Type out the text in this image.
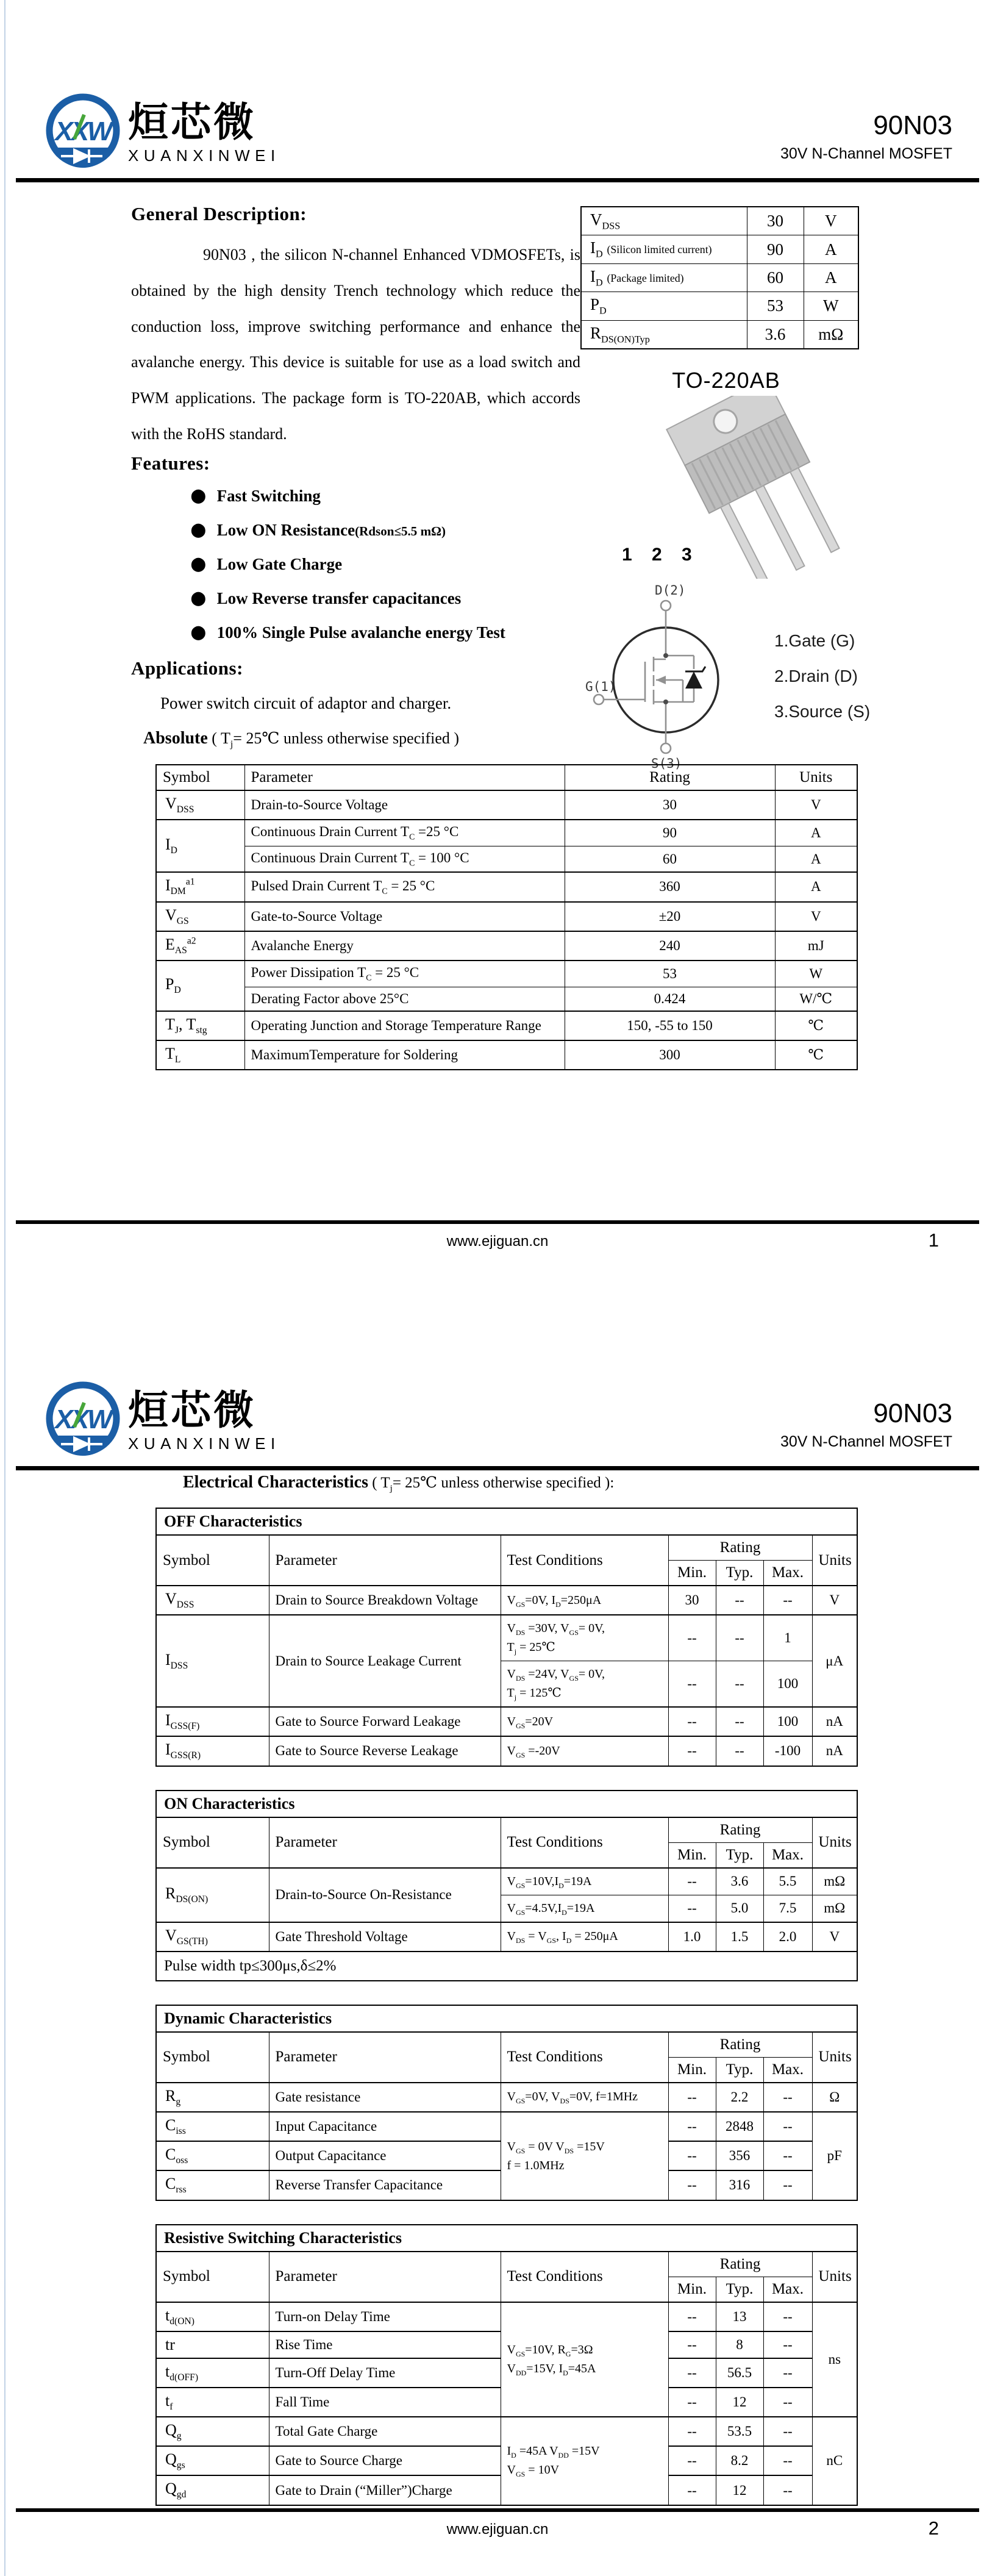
XXW 烜芯微
XUANXINWEI
90N03
30V N-Channel MOSFET
General Description:
90N03 , the silicon N-channel Enhanced VDMOSFETs, is obtained by the high density Trench technology which reduce the conduction loss, improve switching performance and enhance the avalanche energy. This device is suitable for use as a load switch and PWM applications. The package form is TO-220AB, which accords with the RoHS standard.
Features:
⬤ Fast Switching
⬤ Low ON Resistance(Rdson≤5.5 mΩ)
⬤ Low Gate Charge
⬤ Low Reverse transfer capacitances
⬤ 100% Single Pulse avalanche energy Test
Applications:
Power switch circuit of adaptor and charger.
Absolute ( $T_j=$ 25℃ unless otherwise specified )
$V_{DSS}$	30	V
$I_D$ (Silicon limited current)	90	A
$I_D$ (Package limited)	60	A
$P_D$	53	W
$R_{DS(ON)Typ}$	3.6	mΩ
TO-220AB
1 2 3
D(2)
G(1)
S(3)
1.Gate (G)
2.Drain (D)
3.Source (S)
Symbol	Parameter	Rating	Units
$V_{DSS}$	Drain-to-Source Voltage	30	V
$I_D$	Continuous Drain Current $T_C =25$ °C	90	A
	Continuous Drain Current $T_C = 100$ °C	60	A
$I_{DM}^{a1}$	Pulsed Drain Current $T_C = 25$ °C	360	A
$V_{GS}$	Gate-to-Source Voltage	±20	V
$E_{AS}^{a2}$	Avalanche Energy	240	mJ
$P_D$	Power Dissipation $T_C = 25$ °C	53	W
	Derating Factor above 25°C	0.424	W/℃
$T_J$, $T_{stg}$	Operating Junction and Storage Temperature Range	150, -55 to 150	℃
$T_L$	MaximumTemperature for Soldering	300	℃
www.ejiguan.cn	1
XXW 烜芯微
XUANXINWEI
90N03
30V N-Channel MOSFET
Electrical Characteristics ( $T_j=$ 25℃ unless otherwise specified ):
OFF Characteristics						
Symbol	Parameter	Test Conditions	Rating			Units
			Min.	Typ.	Max.	
$V_{DSS}$	Drain to Source Breakdown Voltage	$V_{GS}=0V$, $I_D=250\mu A$	30	--	--	V
$I_{DSS}$	Drain to Source Leakage Current	$V_{DS} =30V$, $V_{GS}= 0V$,
$T_j$ = 25℃	--	--	1	μA
		$V_{DS} =24V$, $V_{GS}= 0V$,
$T_j$ = 125℃	--	--	100	
$I_{GSS(F)}$	Gate to Source Forward Leakage	$V_{GS}=20V$	--	--	100	nA
$I_{GSS(R)}$	Gate to Source Reverse Leakage	$V_{GS} =-20V$	--	--	-100	nA
ON Characteristics						
Symbol	Parameter	Test Conditions	Rating			Units
			Min.	Typ.	Max.	
$R_{DS(ON)}$	Drain-to-Source On-Resistance	$V_{GS}=10V,I_D=19A$	--	3.6	5.5	mΩ
		$V_{GS}=4.5V,I_D=19A$	--	5.0	7.5	mΩ
$V_{GS(TH)}$	Gate Threshold Voltage	$V_{DS} = V_{GS}$, $I_D = 250\mu A$	1.0	1.5	2.0	V
Pulse width tp≤300μs,δ≤2%						
Dynamic Characteristics						
Symbol	Parameter	Test Conditions	Rating			Units
			Min.	Typ.	Max.	
$R_g$	Gate resistance	$V_{GS}=0V$, $V_{DS}=0V$, f=1MHz	--	2.2	--	Ω
$C_{iss}$	Input Capacitance	$V_{GS} = 0V$ $V_{DS} =15V$
f = 1.0MHz	--	2848	--	pF
$C_{oss}$	Output Capacitance		--	356	--	
$C_{rss}$	Reverse Transfer Capacitance		--	316	--	
Resistive Switching Characteristics						
Symbol	Parameter	Test Conditions	Rating			Units
			Min.	Typ.	Max.	
$t_{d(ON)}$	Turn-on Delay Time	$V_{GS}=10V$, $R_G=3\Omega$
$V_{DD}=15V$, $I_D=45A$	--	13	--	ns
tr	Rise Time		--	8	--	
$t_{d(OFF)}$	Turn-Off Delay Time		--	56.5	--	
$t_f$	Fall Time		--	12	--	
$Q_g$	Total Gate Charge	$I_D =45A$ $V_{DD} =15V$
$V_{GS} = 10V$	--	53.5	--	nC
$Q_{gs}$	Gate to Source Charge		--	8.2	--	
$Q_{gd}$	Gate to Drain (“Miller”)Charge		--	12	--	
www.ejiguan.cn	2
